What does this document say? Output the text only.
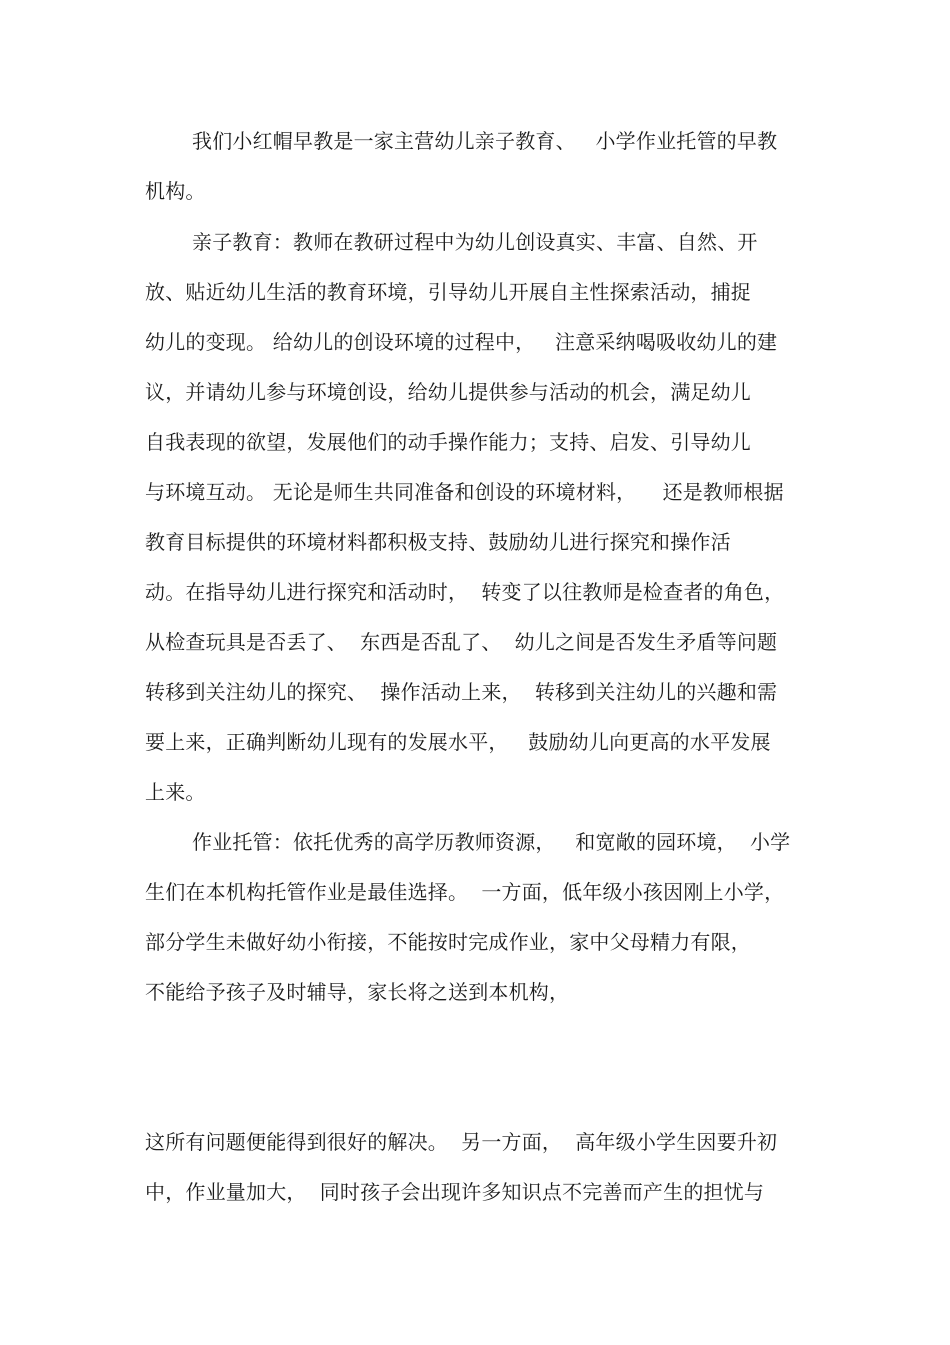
我们小红帽早教是一家主营幼儿亲子教育、   小学作业托管的早教
机构。
亲子教育：教师在教研过程中为幼儿创设真实、丰富、自然、开
放、贴近幼儿生活的教育环境，引导幼儿开展自主性探索活动，捕捉
幼儿的变现。 给幼儿的创设环境的过程中，   注意采纳喝吸收幼儿的建
议，并请幼儿参与环境创设，给幼儿提供参与活动的机会，满足幼儿
自我表现的欲望，发展他们的动手操作能力；支持、启发、引导幼儿
与环境互动。 无论是师生共同准备和创设的环境材料，    还是教师根据
教育目标提供的环境材料都积极支持、鼓励幼儿进行探究和操作活
动。在指导幼儿进行探究和活动时，  转变了以往教师是检查者的角色，
从检查玩具是否丢了、  东西是否乱了、  幼儿之间是否发生矛盾等问题
转移到关注幼儿的探究、  操作活动上来，  转移到关注幼儿的兴趣和需
要上来，正确判断幼儿现有的发展水平，   鼓励幼儿向更高的水平发展
上来。
作业托管：依托优秀的高学历教师资源，   和宽敞的园环境，  小学
生们在本机构托管作业是最佳选择。  一方面，低年级小孩因刚上小学，
部分学生未做好幼小衔接，不能按时完成作业，家中父母精力有限，
不能给予孩子及时辅导，家长将之送到本机构，
这所有问题便能得到很好的解决。  另一方面，  高年级小学生因要升初
中，作业量加大，  同时孩子会出现许多知识点不完善而产生的担忧与
